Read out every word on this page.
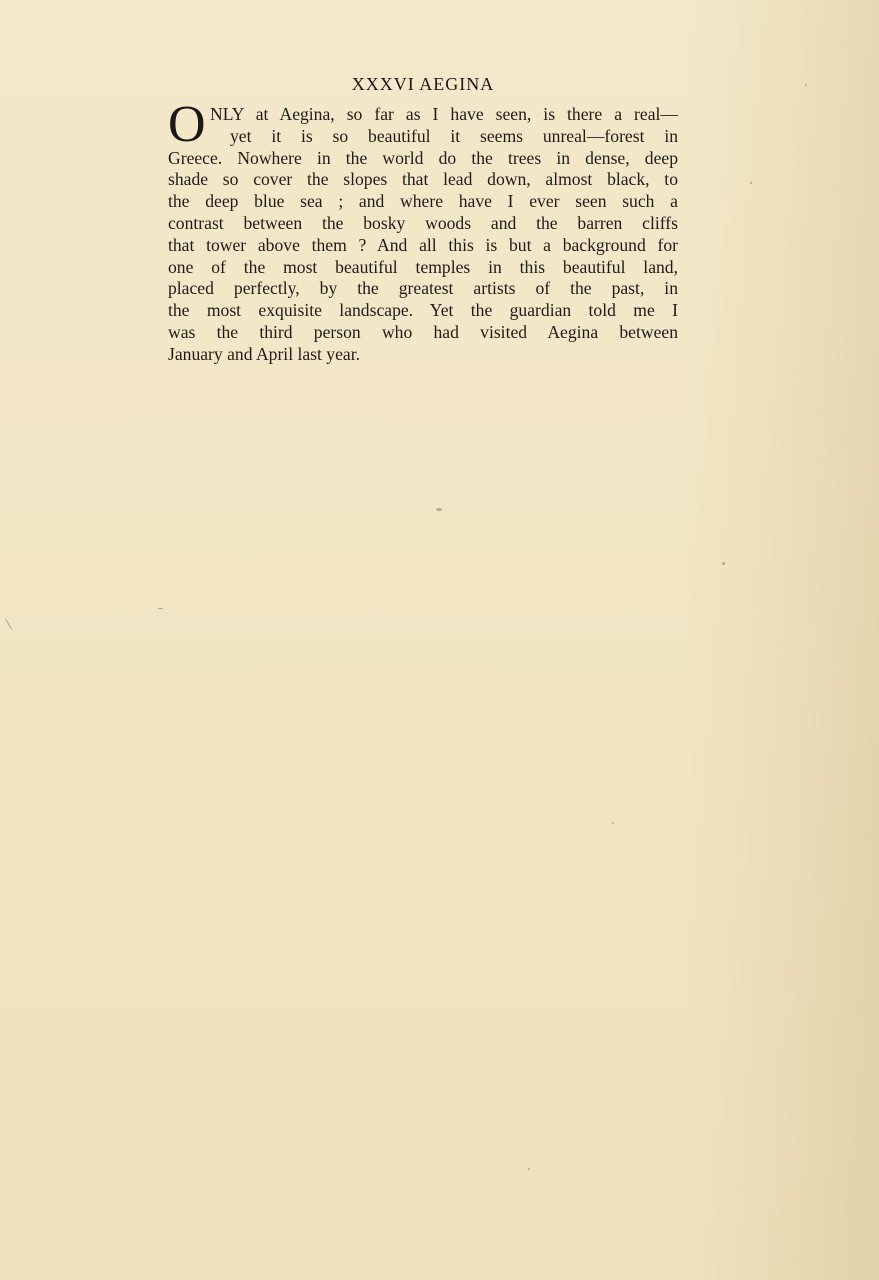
XXXVI AEGINA
O NLY at Aegina, so far as I have seen, is there a real—
yet it is so beautiful it seems unreal—forest in
Greece. Nowhere in the world do the trees in dense, deep
shade so cover the slopes that lead down, almost black, to
the deep blue sea ; and where have I ever seen such a
contrast between the bosky woods and the barren cliffs
that tower above them ? And all this is but a background for
one of the most beautiful temples in this beautiful land,
placed perfectly, by the greatest artists of the past, in
the most exquisite landscape. Yet the guardian told me I
was the third person who had visited Aegina between
January and April last year.
